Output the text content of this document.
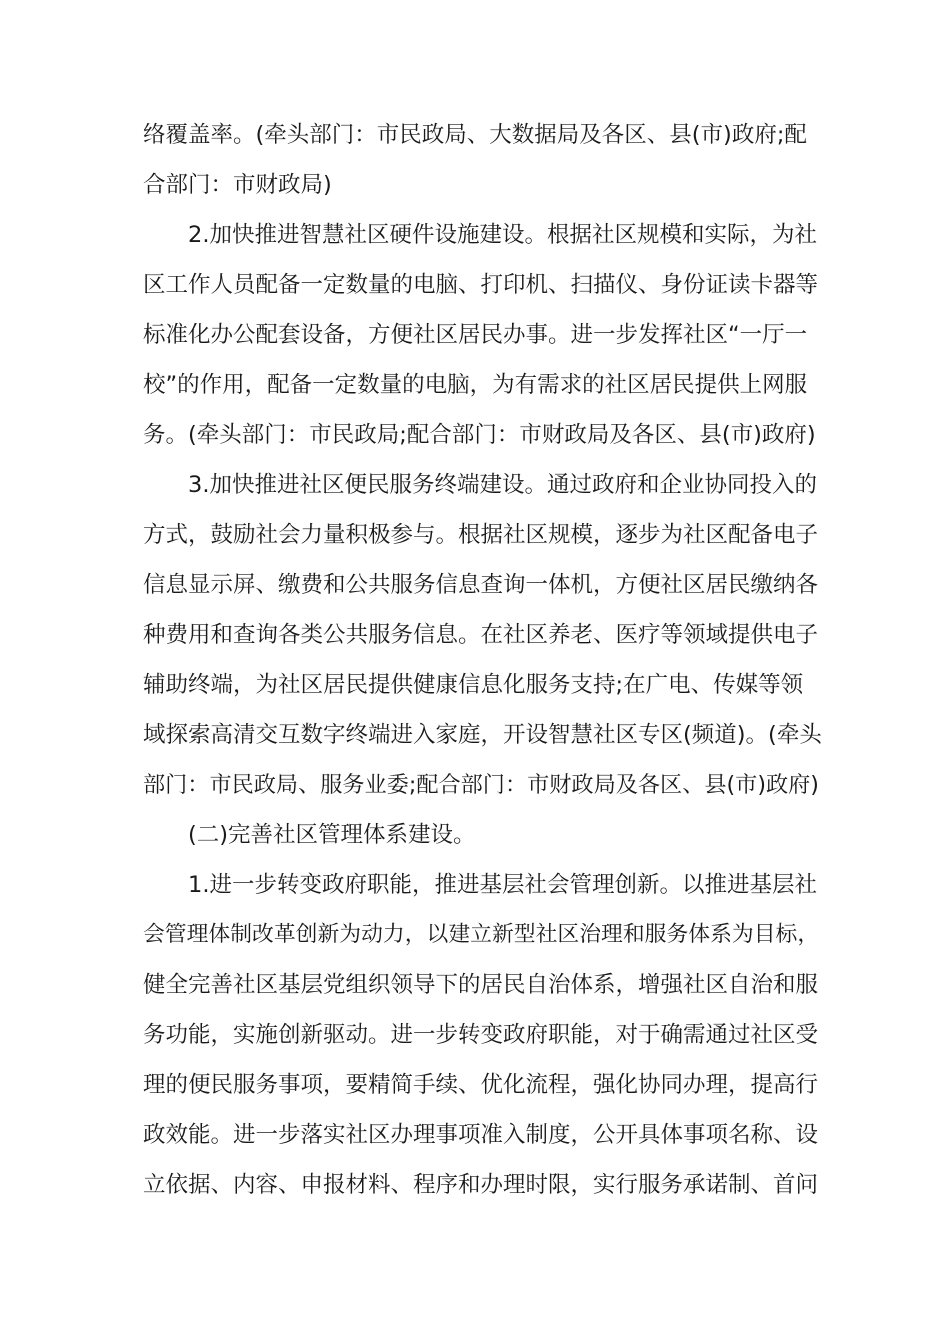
络覆盖率。(牵头部门：市民政局、大数据局及各区、县(市)政府;配
合部门：市财政局)
2.加快推进智慧社区硬件设施建设。根据社区规模和实际，为社
区工作人员配备一定数量的电脑、打印机、扫描仪、身份证读卡器等
标准化办公配套设备，方便社区居民办事。进一步发挥社区“一厅一
校”的作用，配备一定数量的电脑，为有需求的社区居民提供上网服
务。(牵头部门：市民政局;配合部门：市财政局及各区、县(市)政府)
3.加快推进社区便民服务终端建设。通过政府和企业协同投入的
方式，鼓励社会力量积极参与。根据社区规模，逐步为社区配备电子
信息显示屏、缴费和公共服务信息查询一体机，方便社区居民缴纳各
种费用和查询各类公共服务信息。在社区养老、医疗等领域提供电子
辅助终端，为社区居民提供健康信息化服务支持;在广电、传媒等领
域探索高清交互数字终端进入家庭，开设智慧社区专区(频道)。(牵头
部门：市民政局、服务业委;配合部门：市财政局及各区、县(市)政府)
(二)完善社区管理体系建设。
1.进一步转变政府职能，推进基层社会管理创新。以推进基层社
会管理体制改革创新为动力，以建立新型社区治理和服务体系为目标，
健全完善社区基层党组织领导下的居民自治体系，增强社区自治和服
务功能，实施创新驱动。进一步转变政府职能，对于确需通过社区受
理的便民服务事项，要精简手续、优化流程，强化协同办理，提高行
政效能。进一步落实社区办理事项准入制度，公开具体事项名称、设
立依据、内容、申报材料、程序和办理时限，实行服务承诺制、首问
